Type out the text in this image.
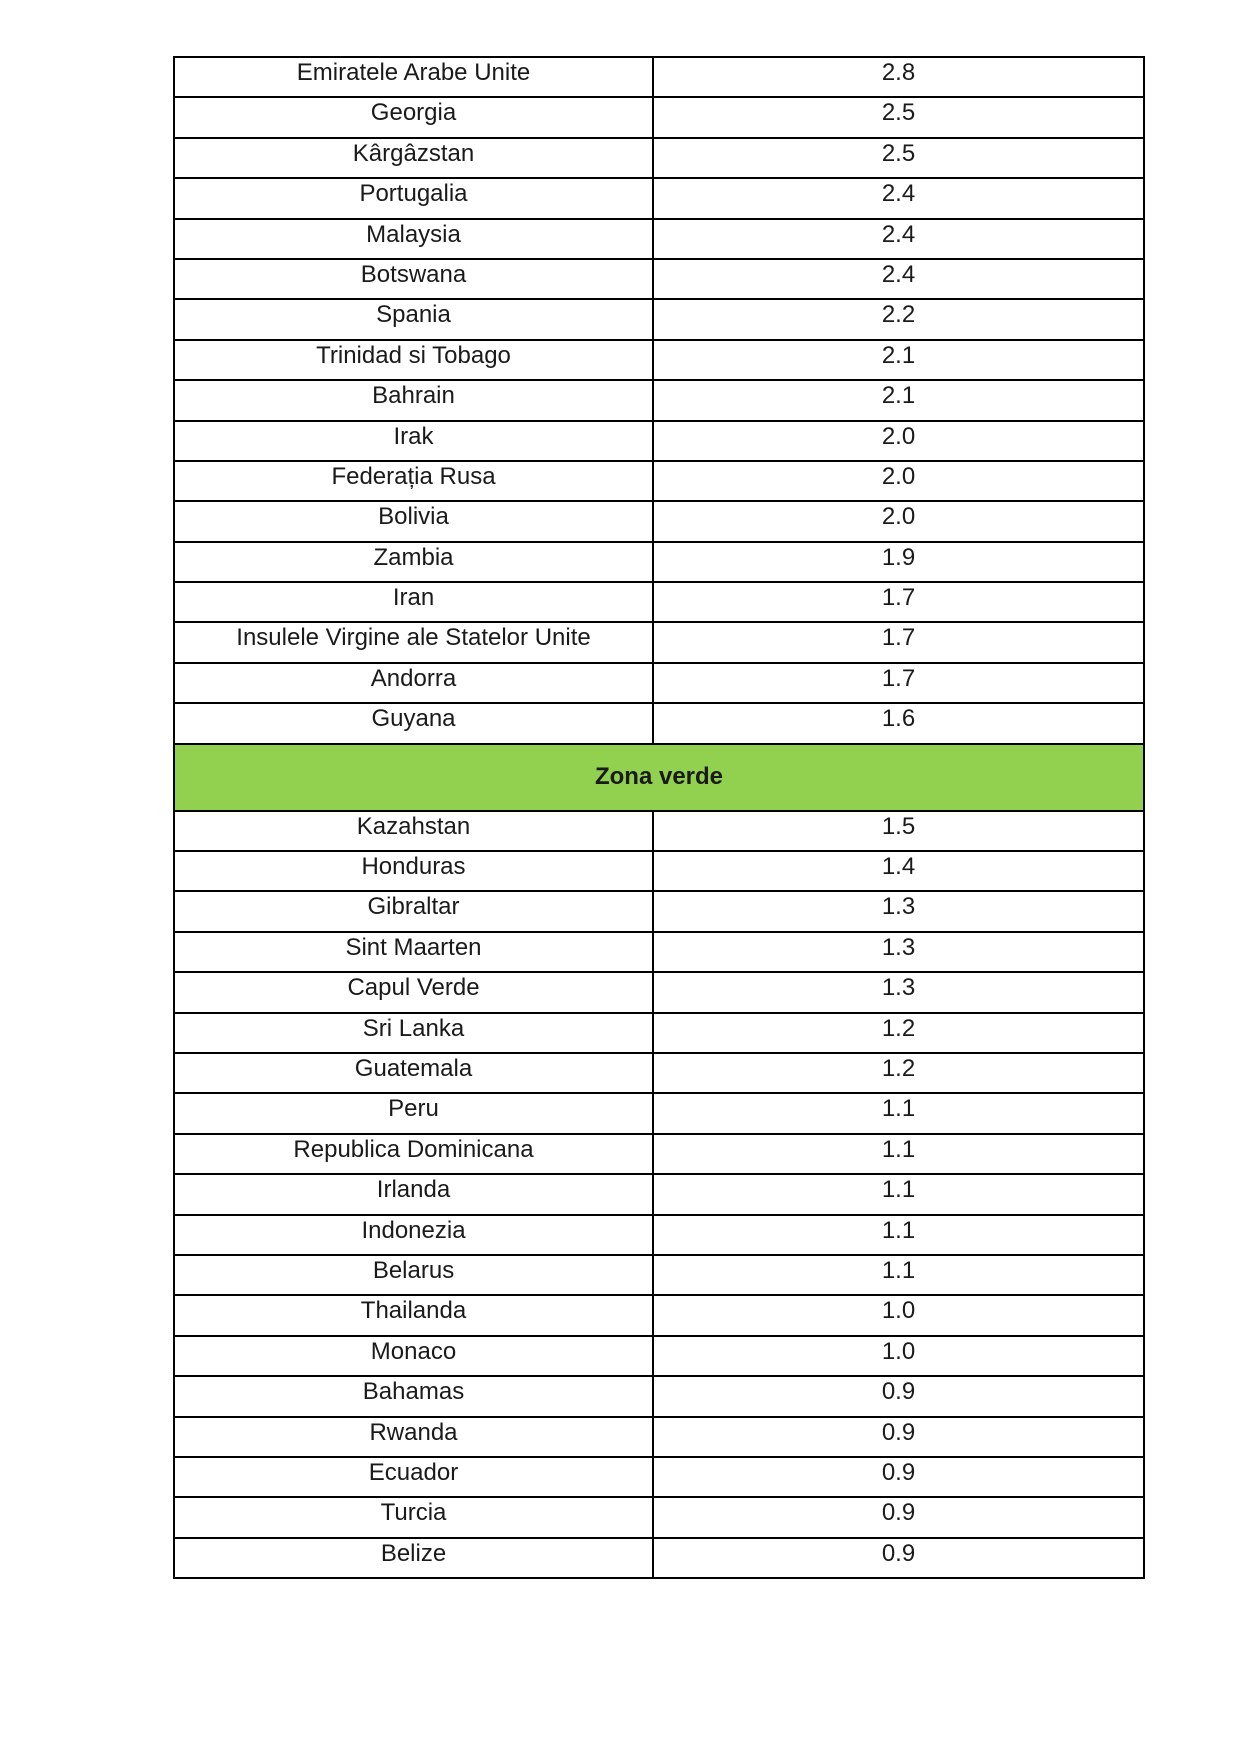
Emiratele Arabe Unite	2.8

Georgia	2.5

Kârgâzstan	2.5

Portugalia	2.4

Malaysia	2.4

Botswana	2.4

Spania	2.2

Trinidad si Tobago	2.1

Bahrain	2.1

Irak	2.0

Federația Rusa	2.0

Bolivia	2.0

Zambia	1.9

Iran	1.7

Insulele Virgine ale Statelor Unite	1.7

Andorra	1.7

Guyana	1.6

Zona verde	

Kazahstan	1.5

Honduras	1.4

Gibraltar	1.3

Sint Maarten	1.3

Capul Verde	1.3

Sri Lanka	1.2

Guatemala	1.2

Peru	1.1

Republica Dominicana	1.1

Irlanda	1.1

Indonezia	1.1

Belarus	1.1

Thailanda	1.0

Monaco	1.0

Bahamas	0.9

Rwanda	0.9

Ecuador	0.9

Turcia	0.9

Belize	0.9
